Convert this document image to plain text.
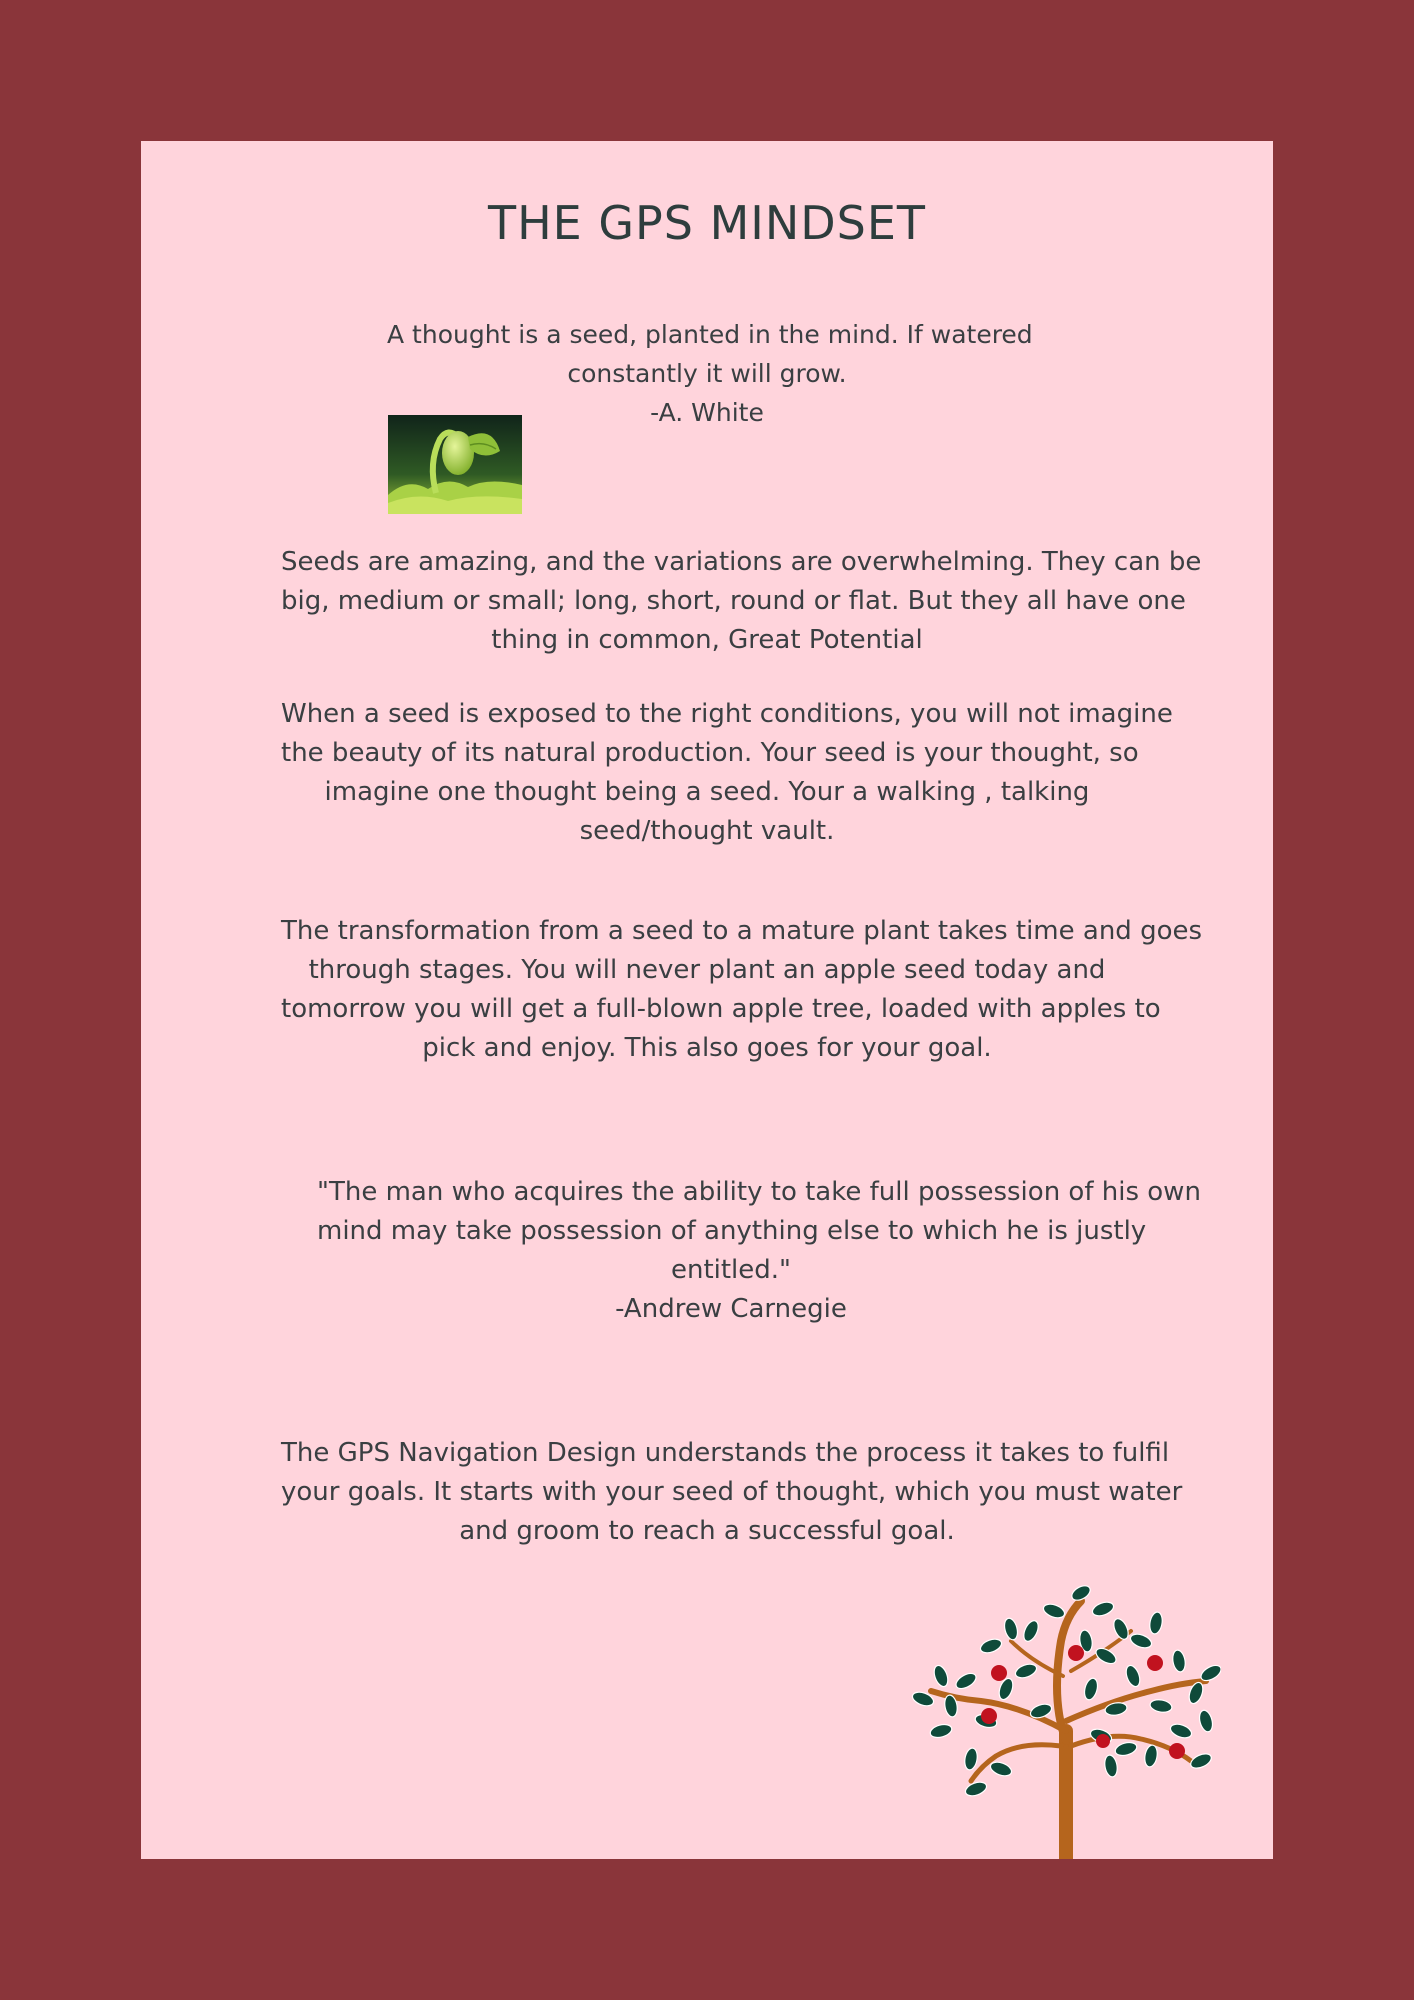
THE GPS MINDSET
A thought is a seed, planted in the mind. If watered
constantly it will grow.
-A. White
Seeds are amazing, and the variations are overwhelming. They can be
big, medium or small; long, short, round or flat. But they all have one
thing in common, Great Potential
When a seed is exposed to the right conditions, you will not imagine
the beauty of its natural production. Your seed is your thought, so
imagine one thought being a seed. Your a walking , talking
seed/thought vault.
The transformation from a seed to a mature plant takes time and goes
through stages. You will never plant an apple seed today and
tomorrow you will get a full-blown apple tree, loaded with apples to
pick and enjoy. This also goes for your goal.
"The man who acquires the ability to take full possession of his own
mind may take possession of anything else to which he is justly
entitled."
-Andrew Carnegie
The GPS Navigation Design understands the process it takes to fulfil
your goals. It starts with your seed of thought, which you must water
and groom to reach a successful goal.
